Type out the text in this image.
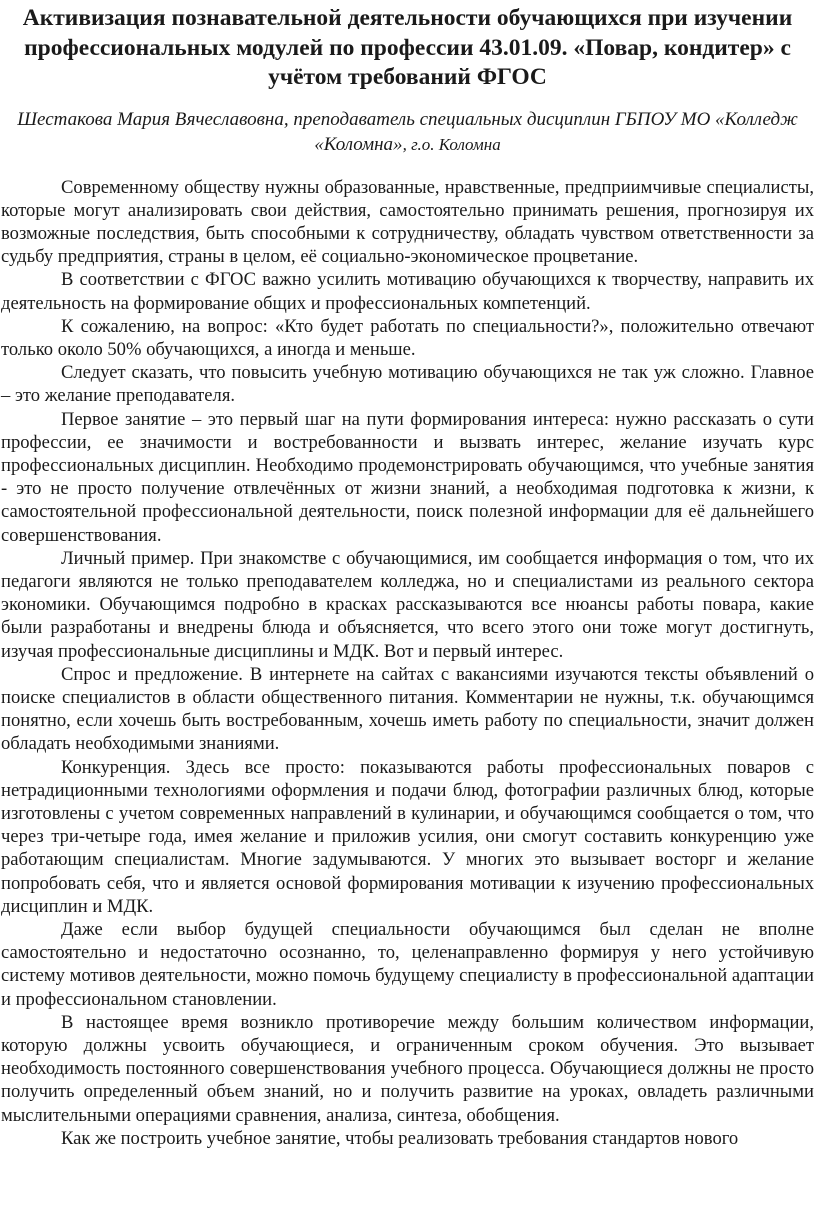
Активизация познавательной деятельности обучающихся при изучении профессиональных модулей по профессии 43.01.09. «Повар, кондитер» с учётом требований ФГОС
Шестакова Мария Вячеславовна, преподаватель специальных дисциплин ГБПОУ МО «Колледж «Коломна», г.о. Коломна

Современному обществу нужны образованные, нравственные, предприимчивые специалисты, которые могут анализировать свои действия, самостоятельно принимать решения, прогнозируя их возможные последствия, быть способными к сотрудничеству, обладать чувством ответственности за судьбу предприятия, страны в целом, её социально-экономическое процветание.

В соответствии с ФГОС важно усилить мотивацию обучающихся к творчеству, направить их деятельность на формирование общих и профессиональных компетенций.

К сожалению, на вопрос: «Кто будет работать по специальности?», положительно отвечают только около 50% обучающихся, а иногда и меньше.

Следует сказать, что повысить учебную мотивацию обучающихся не так уж сложно. Главное – это желание преподавателя.

Первое занятие – это первый шаг на пути формирования интереса: нужно рассказать о сути профессии, ее значимости и востребованности и вызвать интерес, желание изучать курс профессиональных дисциплин. Необходимо продемонстрировать обучающимся, что учебные занятия - это не просто получение отвлечённых от жизни знаний, а необходимая подготовка к жизни, к самостоятельной профессиональной деятельности, поиск полезной информации для её дальнейшего совершенствования.

Личный пример. При знакомстве с обучающимися, им сообщается информация о том, что их педагоги являются не только преподавателем колледжа, но и специалистами из реального сектора экономики. Обучающимся подробно в красках рассказываются все нюансы работы повара, какие были разработаны и внедрены блюда и объясняется, что всего этого они тоже могут достигнуть, изучая профессиональные дисциплины и МДК. Вот и первый интерес.

Спрос и предложение. В интернете на сайтах с вакансиями изучаются тексты объявлений о поиске специалистов в области общественного питания. Комментарии не нужны, т.к. обучающимся понятно, если хочешь быть востребованным, хочешь иметь работу по специальности, значит должен обладать необходимыми знаниями.

Конкуренция. Здесь все просто: показываются работы профессиональных поваров с нетрадиционными технологиями оформления и подачи блюд, фотографии различных блюд, которые изготовлены с учетом современных направлений в кулинарии, и обучающимся сообщается о том, что через три-четыре года, имея желание и приложив усилия, они смогут составить конкуренцию уже работающим специалистам. Многие задумываются. У многих это вызывает восторг и желание попробовать себя, что и является основой формирования мотивации к изучению профессиональных дисциплин и МДК.

Даже если выбор будущей специальности обучающимся был сделан не вполне самостоятельно и недостаточно осознанно, то, целенаправленно формируя у него устойчивую систему мотивов деятельности, можно помочь будущему специалисту в профессиональной адаптации и профессиональном становлении.

В настоящее время возникло противоречие между большим количеством информации, которую должны усвоить обучающиеся, и ограниченным сроком обучения. Это вызывает необходимость постоянного совершенствования учебного процесса. Обучающиеся должны не просто получить определенный объем знаний, но и получить развитие на уроках, овладеть различными мыслительными операциями сравнения, анализа, синтеза, обобщения.

Как же построить учебное занятие, чтобы реализовать требования стандартов нового
